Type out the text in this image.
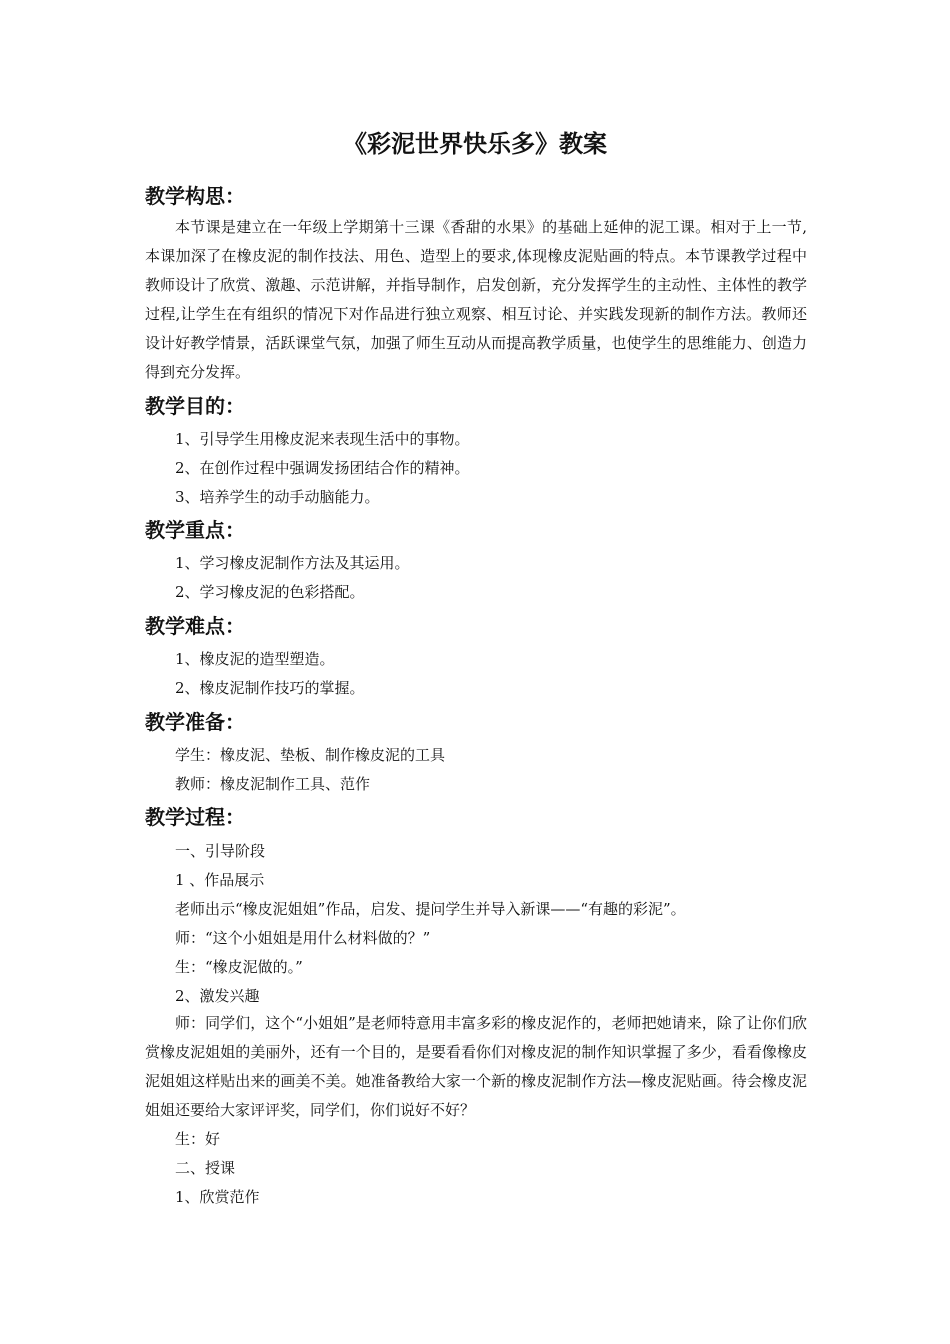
《彩泥世界快乐多》教案
教学构思：
本节课是建立在一年级上学期第十三课《香甜的水果》的基础上延伸的泥工课。相对于上一节,本课加深了在橡皮泥的制作技法、用色、造型上的要求,体现橡皮泥贴画的特点。本节课教学过程中教师设计了欣赏、激趣、示范讲解，并指导制作，启发创新，充分发挥学生的主动性、主体性的教学过程,让学生在有组织的情况下对作品进行独立观察、相互讨论、并实践发现新的制作方法。教师还设计好教学情景，活跃课堂气氛，加强了师生互动从而提高教学质量，也使学生的思维能力、创造力得到充分发挥。
教学目的：
1、引导学生用橡皮泥来表现生活中的事物。
2、在创作过程中强调发扬团结合作的精神。
3、培养学生的动手动脑能力。
教学重点：
1、学习橡皮泥制作方法及其运用。
2、学习橡皮泥的色彩搭配。
教学难点：
1、橡皮泥的造型塑造。
2、橡皮泥制作技巧的掌握。
教学准备：
学生：橡皮泥、垫板、制作橡皮泥的工具
教师：橡皮泥制作工具、范作
教学过程：
一、引导阶段
1 、作品展示
老师出示“橡皮泥姐姐”作品，启发、提问学生并导入新课——“有趣的彩泥”。
师：“这个小姐姐是用什么材料做的？”
生：“橡皮泥做的。”
2、激发兴趣
师：同学们，这个“小姐姐”是老师特意用丰富多彩的橡皮泥作的，老师把她请来，除了让你们欣赏橡皮泥姐姐的美丽外，还有一个目的，是要看看你们对橡皮泥的制作知识掌握了多少，看看像橡皮泥姐姐这样贴出来的画美不美。她准备教给大家一个新的橡皮泥制作方法—橡皮泥贴画。待会橡皮泥姐姐还要给大家评评奖，同学们，你们说好不好？
生：好
二、授课
1、欣赏范作
